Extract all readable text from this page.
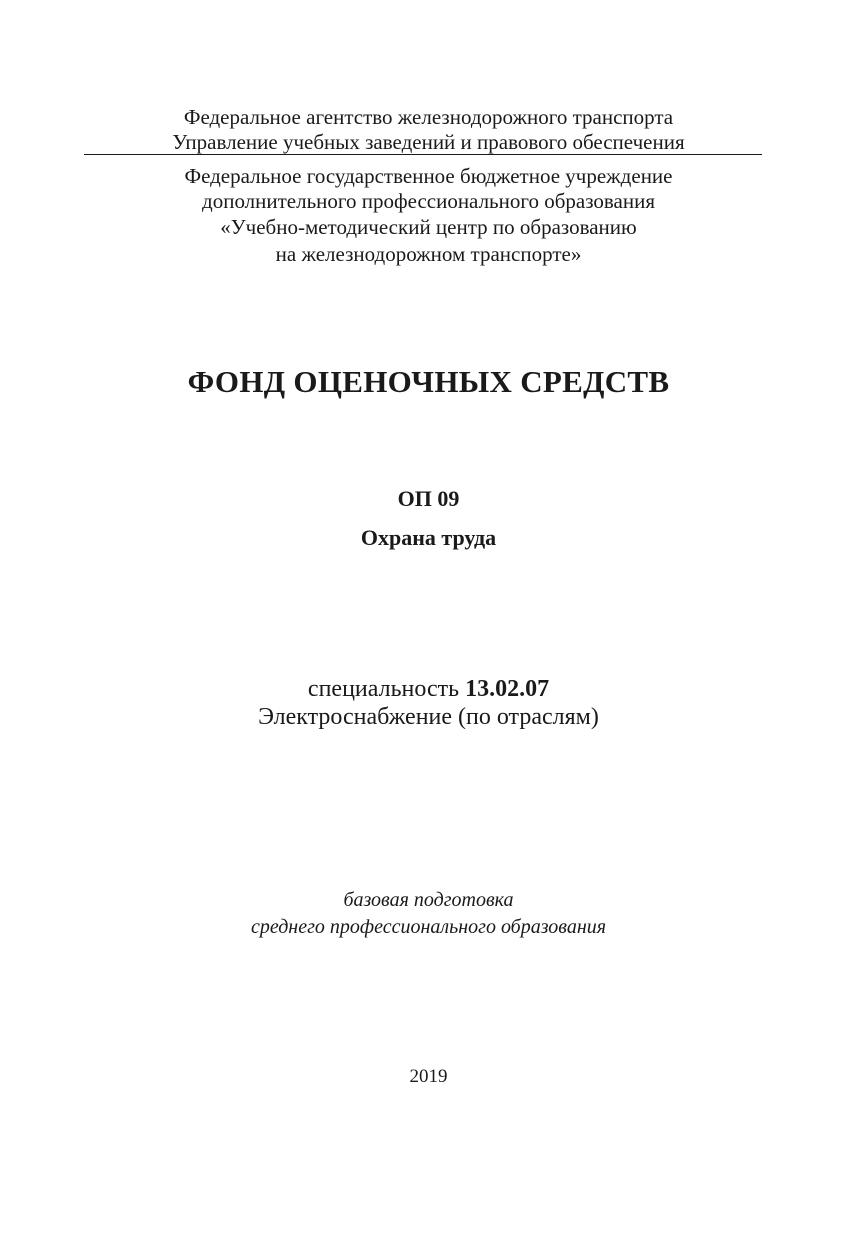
Федеральное агентство железнодорожного транспорта
Управление учебных заведений и правового обеспечения
Федеральное государственное бюджетное учреждение
дополнительного профессионального образования
«Учебно-методический центр по образованию
на железнодорожном транспорте»
ФОНД ОЦЕНОЧНЫХ СРЕДСТВ
ОП 09
Охрана труда
специальность 13.02.07
Электроснабжение (по отраслям)
базовая подготовка
среднего профессионального образования
2019
